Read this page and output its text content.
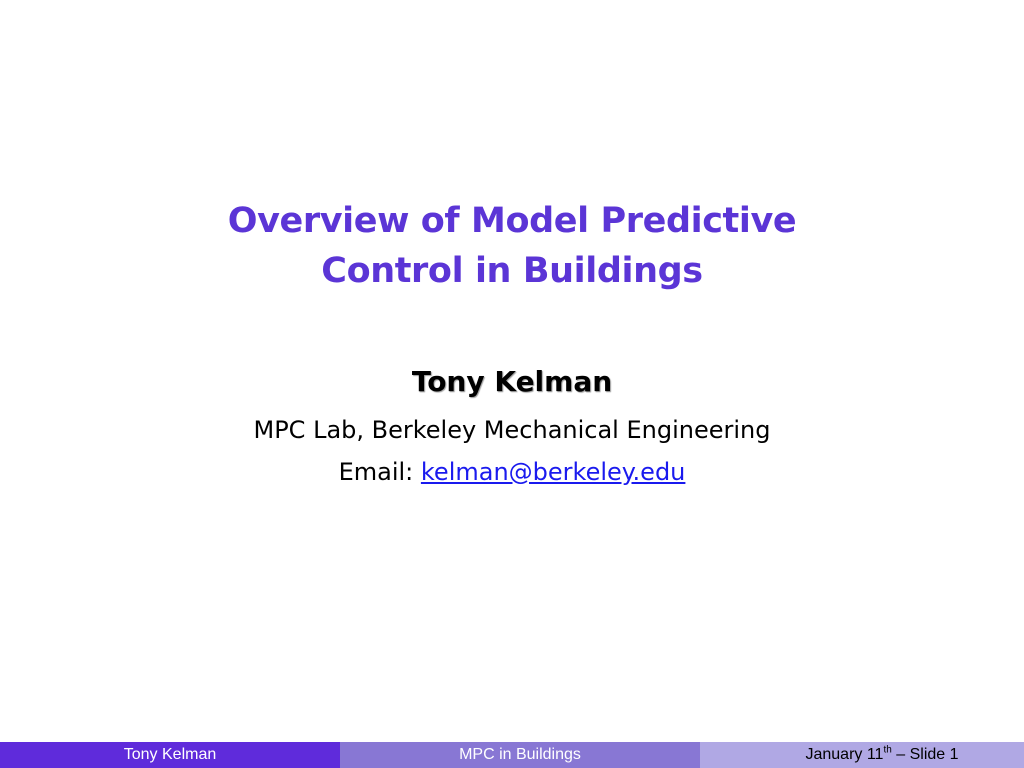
Overview of Model Predictive
Control in Buildings
Tony Kelman
MPC Lab, Berkeley Mechanical Engineering
Email: kelman@berkeley.edu
Tony Kelman	MPC in Buildings	January 11th – Slide 1
